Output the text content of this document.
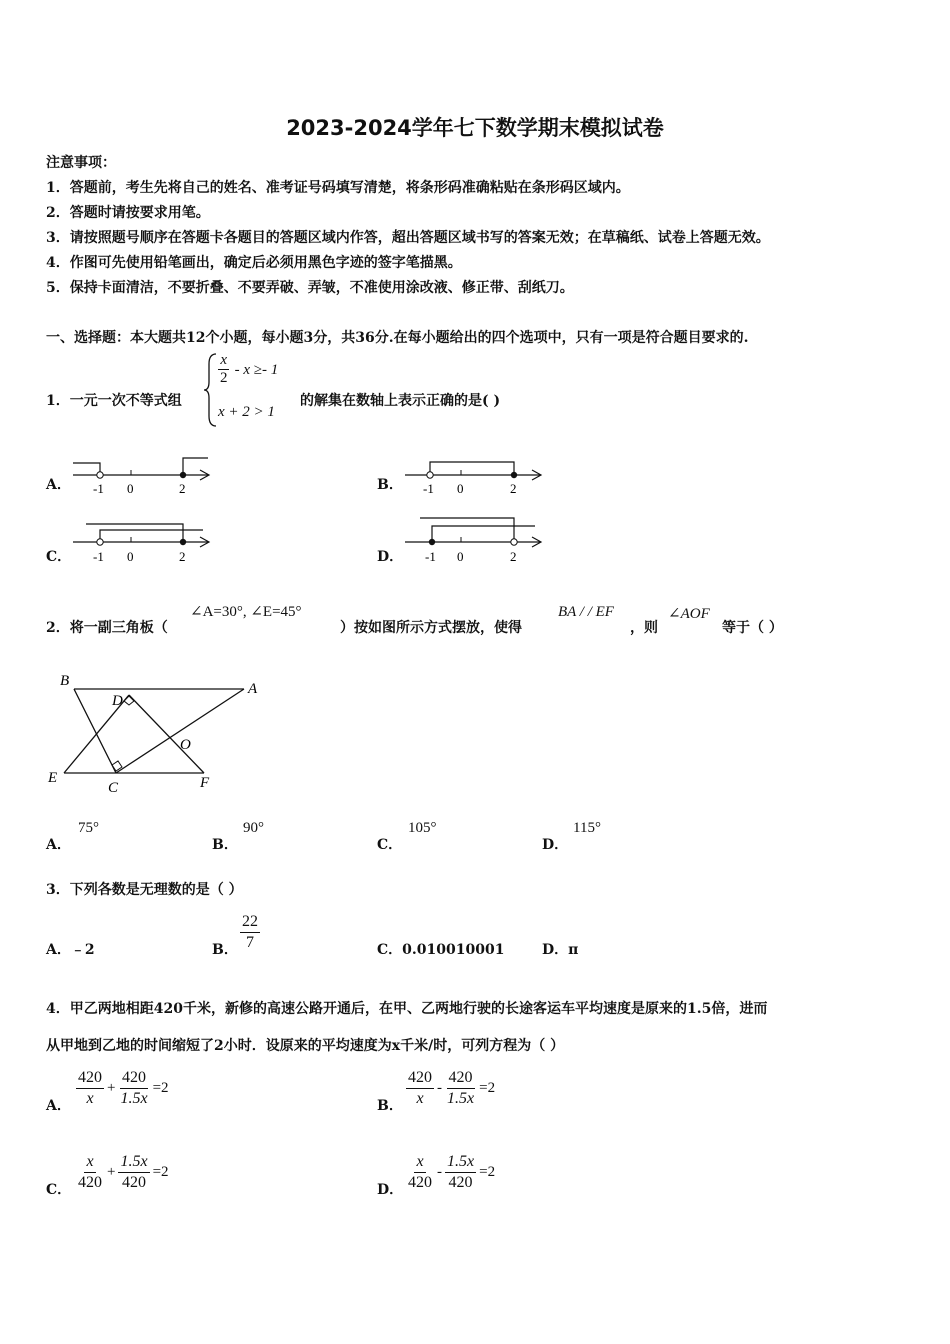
2023-2024学年七下数学期末模拟试卷
注意事项：
1．答题前，考生先将自己的姓名、准考证号码填写清楚，将条形码准确粘贴在条形码区域内。
2．答题时请按要求用笔。
3．请按照题号顺序在答题卡各题目的答题区域内作答，超出答题区域书写的答案无效；在草稿纸、试卷上答题无效。
4．作图可先使用铅笔画出，确定后必须用黑色字迹的签字笔描黑。
5．保持卡面清洁，不要折叠、不要弄破、弄皱，不准使用涂改液、修正带、刮纸刀。
一、选择题：本大题共12个小题，每小题3分，共36分.在每小题给出的四个选项中，只有一项是符合题目要求的.
1．一元一次不等式组
$\frac{x}{2} - x \ge- 1$
x + 2 > 1
的解集在数轴上表示正确的是( )
A． -1 0	2	B． -1 0	2
C． -1 0	2	D． -1 0	2
2．将一副三角板（
∠A=30°, ∠E=45°
）按如图所示方式摆放，使得
BA / / EF
，则
∠AOF
等于（ ）
B	A
D
O
E
C	F
A．
75°
B．
90°
C．
105°
D．
115°
3．下列各数是无理数的是（ ）
A．﹣2	B． $\frac{22}{7}$	C．0.010010001	D．π
4．甲乙两地相距420千米，新修的高速公路开通后，在甲、乙两地行驶的长途客运车平均速度是原来的1.5倍，进而
从甲地到乙地的时间缩短了2小时．设原来的平均速度为x千米/时，可列方程为（ ）
A． $\frac{420}{x} + \frac{420}{1.5x} =2$
B． $\frac{420}{x} - \frac{420}{1.5x} =2$
C． $\frac{x}{420} + \frac{1.5x}{420} =2$
D． $\frac{x}{420} - \frac{1.5x}{420} =2$
